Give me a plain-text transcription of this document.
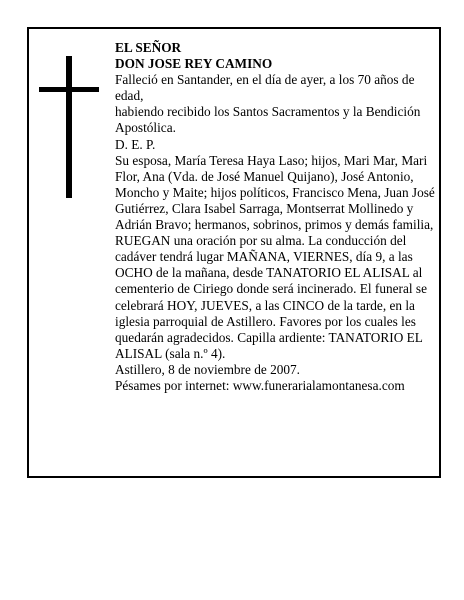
EL SEÑOR

DON JOSE REY CAMINO

Falleció en Santander, en el día de ayer, a los 70 años de edad,

habiendo recibido los Santos Sacramentos y la Bendición Apostólica.

D. E. P.

Su esposa, María Teresa Haya Laso; hijos, Mari Mar, Mari Flor, Ana (Vda. de José Manuel Quijano), José Antonio, Moncho y Maite; hijos políticos, Francisco Mena, Juan José Gutiérrez, Clara Isabel Sarraga, Montserrat Mollinedo y Adrián Bravo; hermanos, sobrinos, primos y demás familia,

RUEGAN una oración por su alma. La conducción del cadáver tendrá lugar MAÑANA, VIERNES, día 9, a las OCHO de la mañana, desde TANATORIO EL ALISAL al cementerio de Ciriego donde será incinerado. El funeral se celebrará HOY, JUEVES, a las CINCO de la tarde, en la iglesia parroquial de Astillero. Favores por los cuales les quedarán agradecidos. Capilla ardiente: TANATORIO EL ALISAL (sala n.º 4).

Astillero, 8 de noviembre de 2007.

Pésames por internet: www.funerarialamontanesa.com
